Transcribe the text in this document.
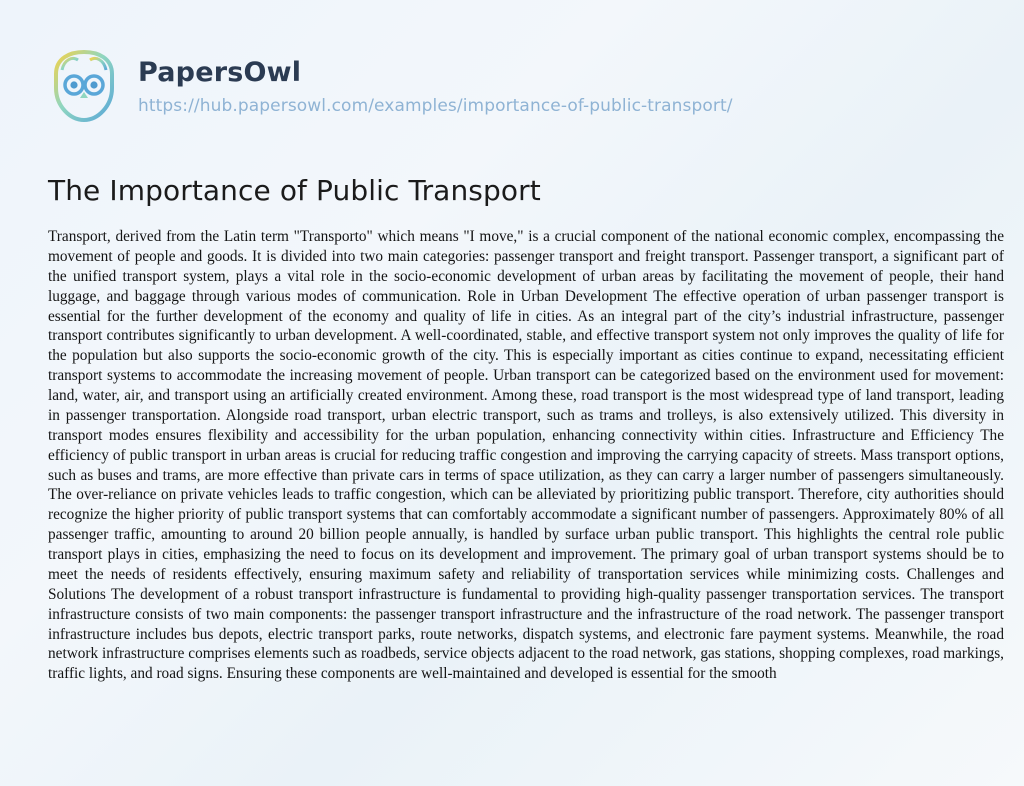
PapersOwl
https://hub.papersowl.com/examples/importance-of-public-transport/
The Importance of Public Transport
Transport, derived from the Latin term "Transporto" which means "I move," is a crucial component of the national economic complex, encompassing the movement of people and goods. It is divided into two main categories: passenger transport and freight transport. Passenger transport, a significant part of the unified transport system, plays a vital role in the socio-economic development of urban areas by facilitating the movement of people, their hand luggage, and baggage through various modes of communication. Role in Urban Development The effective operation of urban passenger transport is essential for the further development of the economy and quality of life in cities. As an integral part of the city’s industrial infrastructure, passenger transport contributes significantly to urban development. A well-coordinated, stable, and effective transport system not only improves the quality of life for the population but also supports the socio-economic growth of the city. This is especially important as cities continue to expand, necessitating efficient transport systems to accommodate the increasing movement of people. Urban transport can be categorized based on the environment used for movement: land, water, air, and transport using an artificially created environment. Among these, road transport is the most widespread type of land transport, leading in passenger transportation. Alongside road transport, urban electric transport, such as trams and trolleys, is also extensively utilized. This diversity in transport modes ensures flexibility and accessibility for the urban population, enhancing connectivity within cities. Infrastructure and Efficiency The efficiency of public transport in urban areas is crucial for reducing traffic congestion and improving the carrying capacity of streets. Mass transport options, such as buses and trams, are more effective than private cars in terms of space utilization, as they can carry a larger number of passengers simultaneously. The over-reliance on private vehicles leads to traffic congestion, which can be alleviated by prioritizing public transport. Therefore, city authorities should recognize the higher priority of public transport systems that can comfortably accommodate a significant number of passengers. Approximately 80% of all passenger traffic, amounting to around 20 billion people annually, is handled by surface urban public transport. This highlights the central role public transport plays in cities, emphasizing the need to focus on its development and improvement. The primary goal of urban transport systems should be to meet the needs of residents effectively, ensuring maximum safety and reliability of transportation services while minimizing costs. Challenges and Solutions The development of a robust transport infrastructure is fundamental to providing high-quality passenger transportation services. The transport infrastructure consists of two main components: the passenger transport infrastructure and the infrastructure of the road network. The passenger transport infrastructure includes bus depots, electric transport parks, route networks, dispatch systems, and electronic fare payment systems. Meanwhile, the road network infrastructure comprises elements such as roadbeds, service objects adjacent to the road network, gas stations, shopping complexes, road markings, traffic lights, and road signs. Ensuring these components are well-maintained and developed is essential for the smooth
